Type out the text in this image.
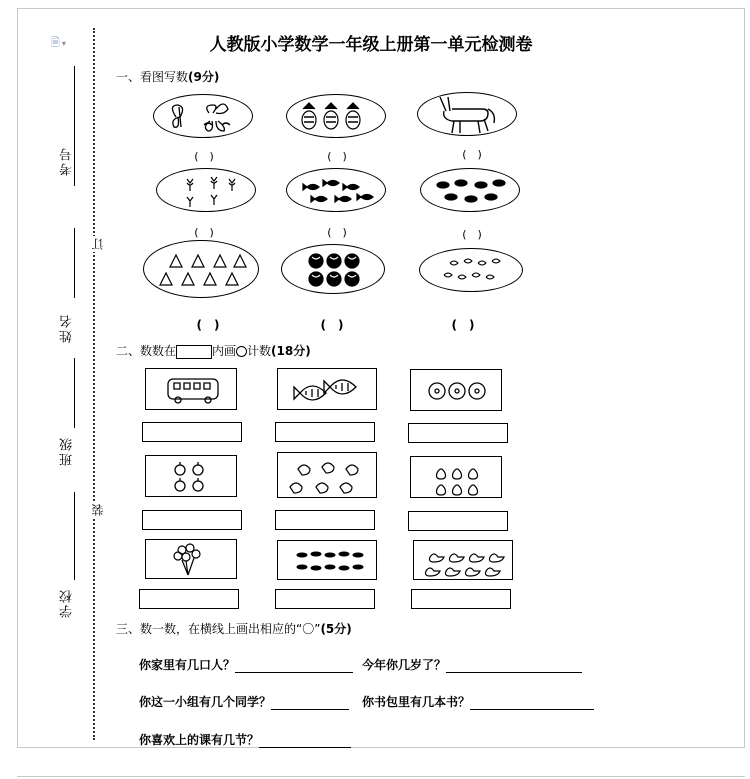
🗎 ▾
考号
姓名
班级
学校
订
装
人教版小学数学一年级上册第一单元检测卷
一、看图写数(9分)
(　)	(　)	(　)
(　)	(　)	(　)
(　)	(　)	(　)
二、数数在	内画 计数(18分)
三、数一数，在横线上画出相应的“〇”(5分)
你家里有几口人？	今年你几岁了？
你这一小组有几个同学？	你书包里有几本书？
你喜欢上的课有几节？
